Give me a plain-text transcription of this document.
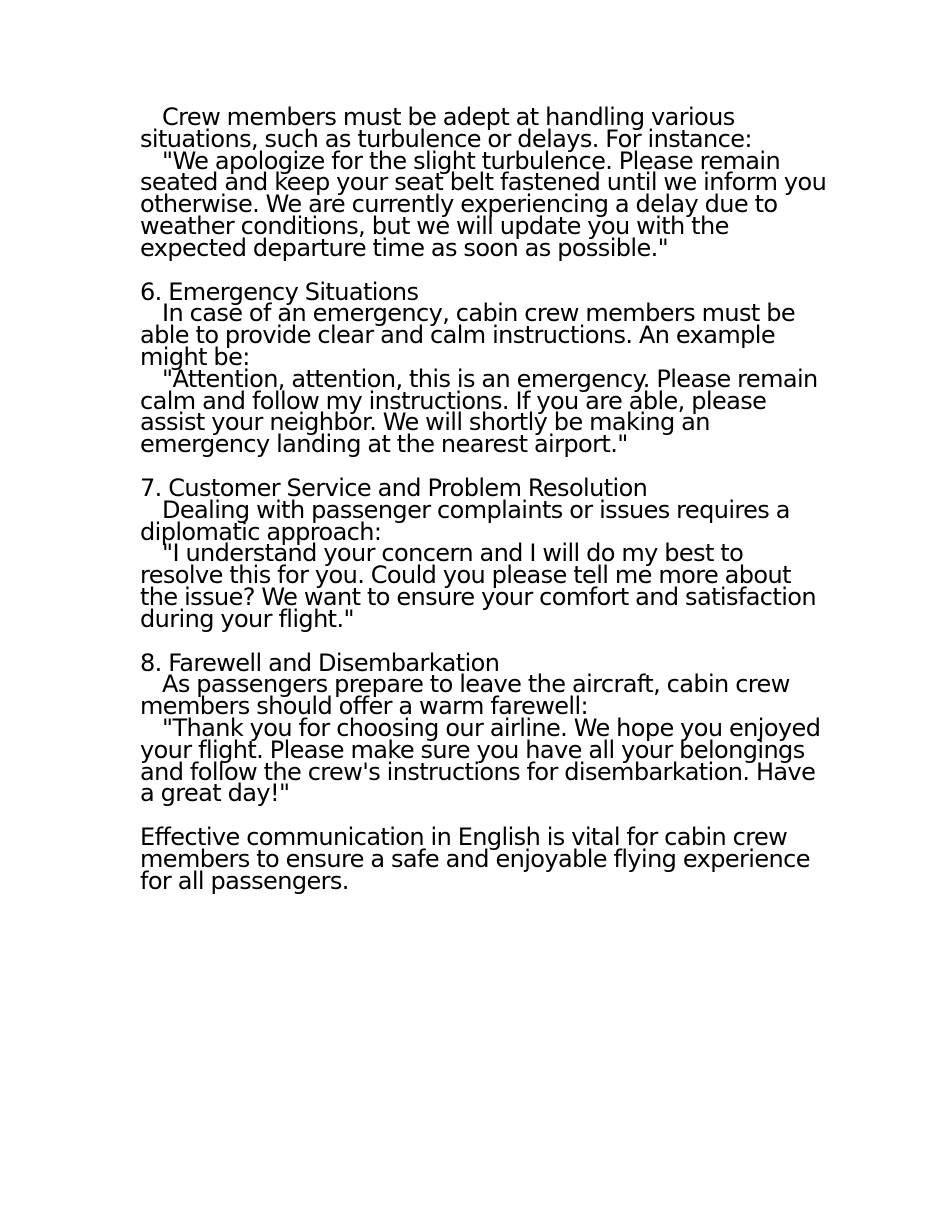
Crew members must be adept at handling various situations, such as turbulence or delays. For instance:

"We apologize for the slight turbulence. Please remain seated and keep your seat belt fastened until we inform you otherwise. We are currently experiencing a delay due to weather conditions, but we will update you with the expected departure time as soon as possible."

6. Emergency Situations

In case of an emergency, cabin crew members must be able to provide clear and calm instructions. An example might be:

"Attention, attention, this is an emergency. Please remain calm and follow my instructions. If you are able, please assist your neighbor. We will shortly be making an emergency landing at the nearest airport."

7. Customer Service and Problem Resolution

Dealing with passenger complaints or issues requires a diplomatic approach:

"I understand your concern and I will do my best to resolve this for you. Could you please tell me more about the issue? We want to ensure your comfort and satisfaction during your flight."

8. Farewell and Disembarkation

As passengers prepare to leave the aircraft, cabin crew members should offer a warm farewell:

"Thank you for choosing our airline. We hope you enjoyed your flight. Please make sure you have all your belongings and follow the crew's instructions for disembarkation. Have a great day!"

Effective communication in English is vital for cabin crew members to ensure a safe and enjoyable flying experience for all passengers.
